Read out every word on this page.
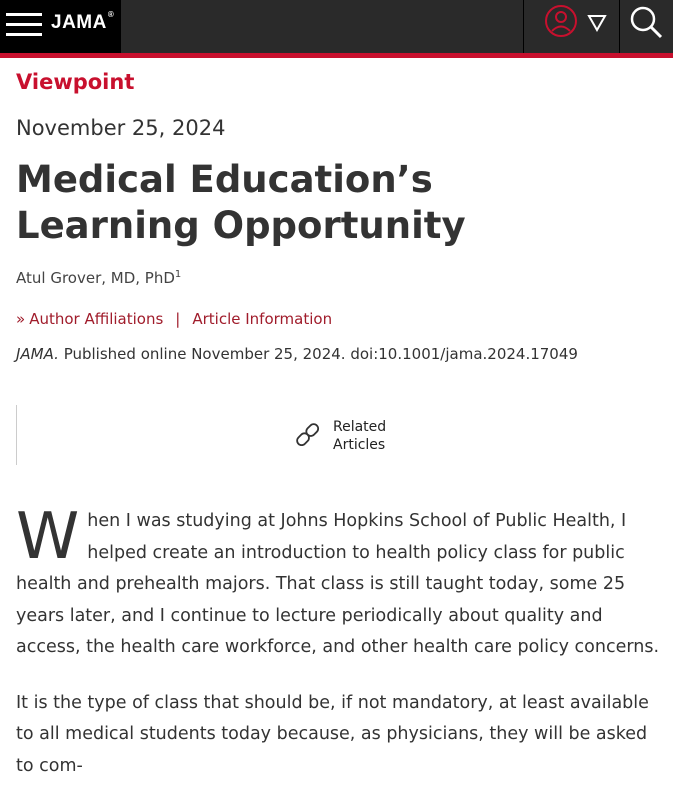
JAMA®
Viewpoint
November 25, 2024
Medical Education’s Learning Opportunity
Atul Grover, MD, PhD$^1$
» Author Affiliations | Article Information
JAMA. Published online November 25, 2024. doi:10.1001/jama.2024.17049
Related
Articles

When I was studying at Johns Hopkins School of Public Health, I helped create an introduction to health policy class for public health and prehealth majors. That class is still taught today, some 25 years later, and I continue to lecture periodically about quality and access, the health care workforce, and other health care policy concerns.

It is the type of class that should be, if not mandatory, at least available to all medical students today because, as physicians, they will be asked to com-
